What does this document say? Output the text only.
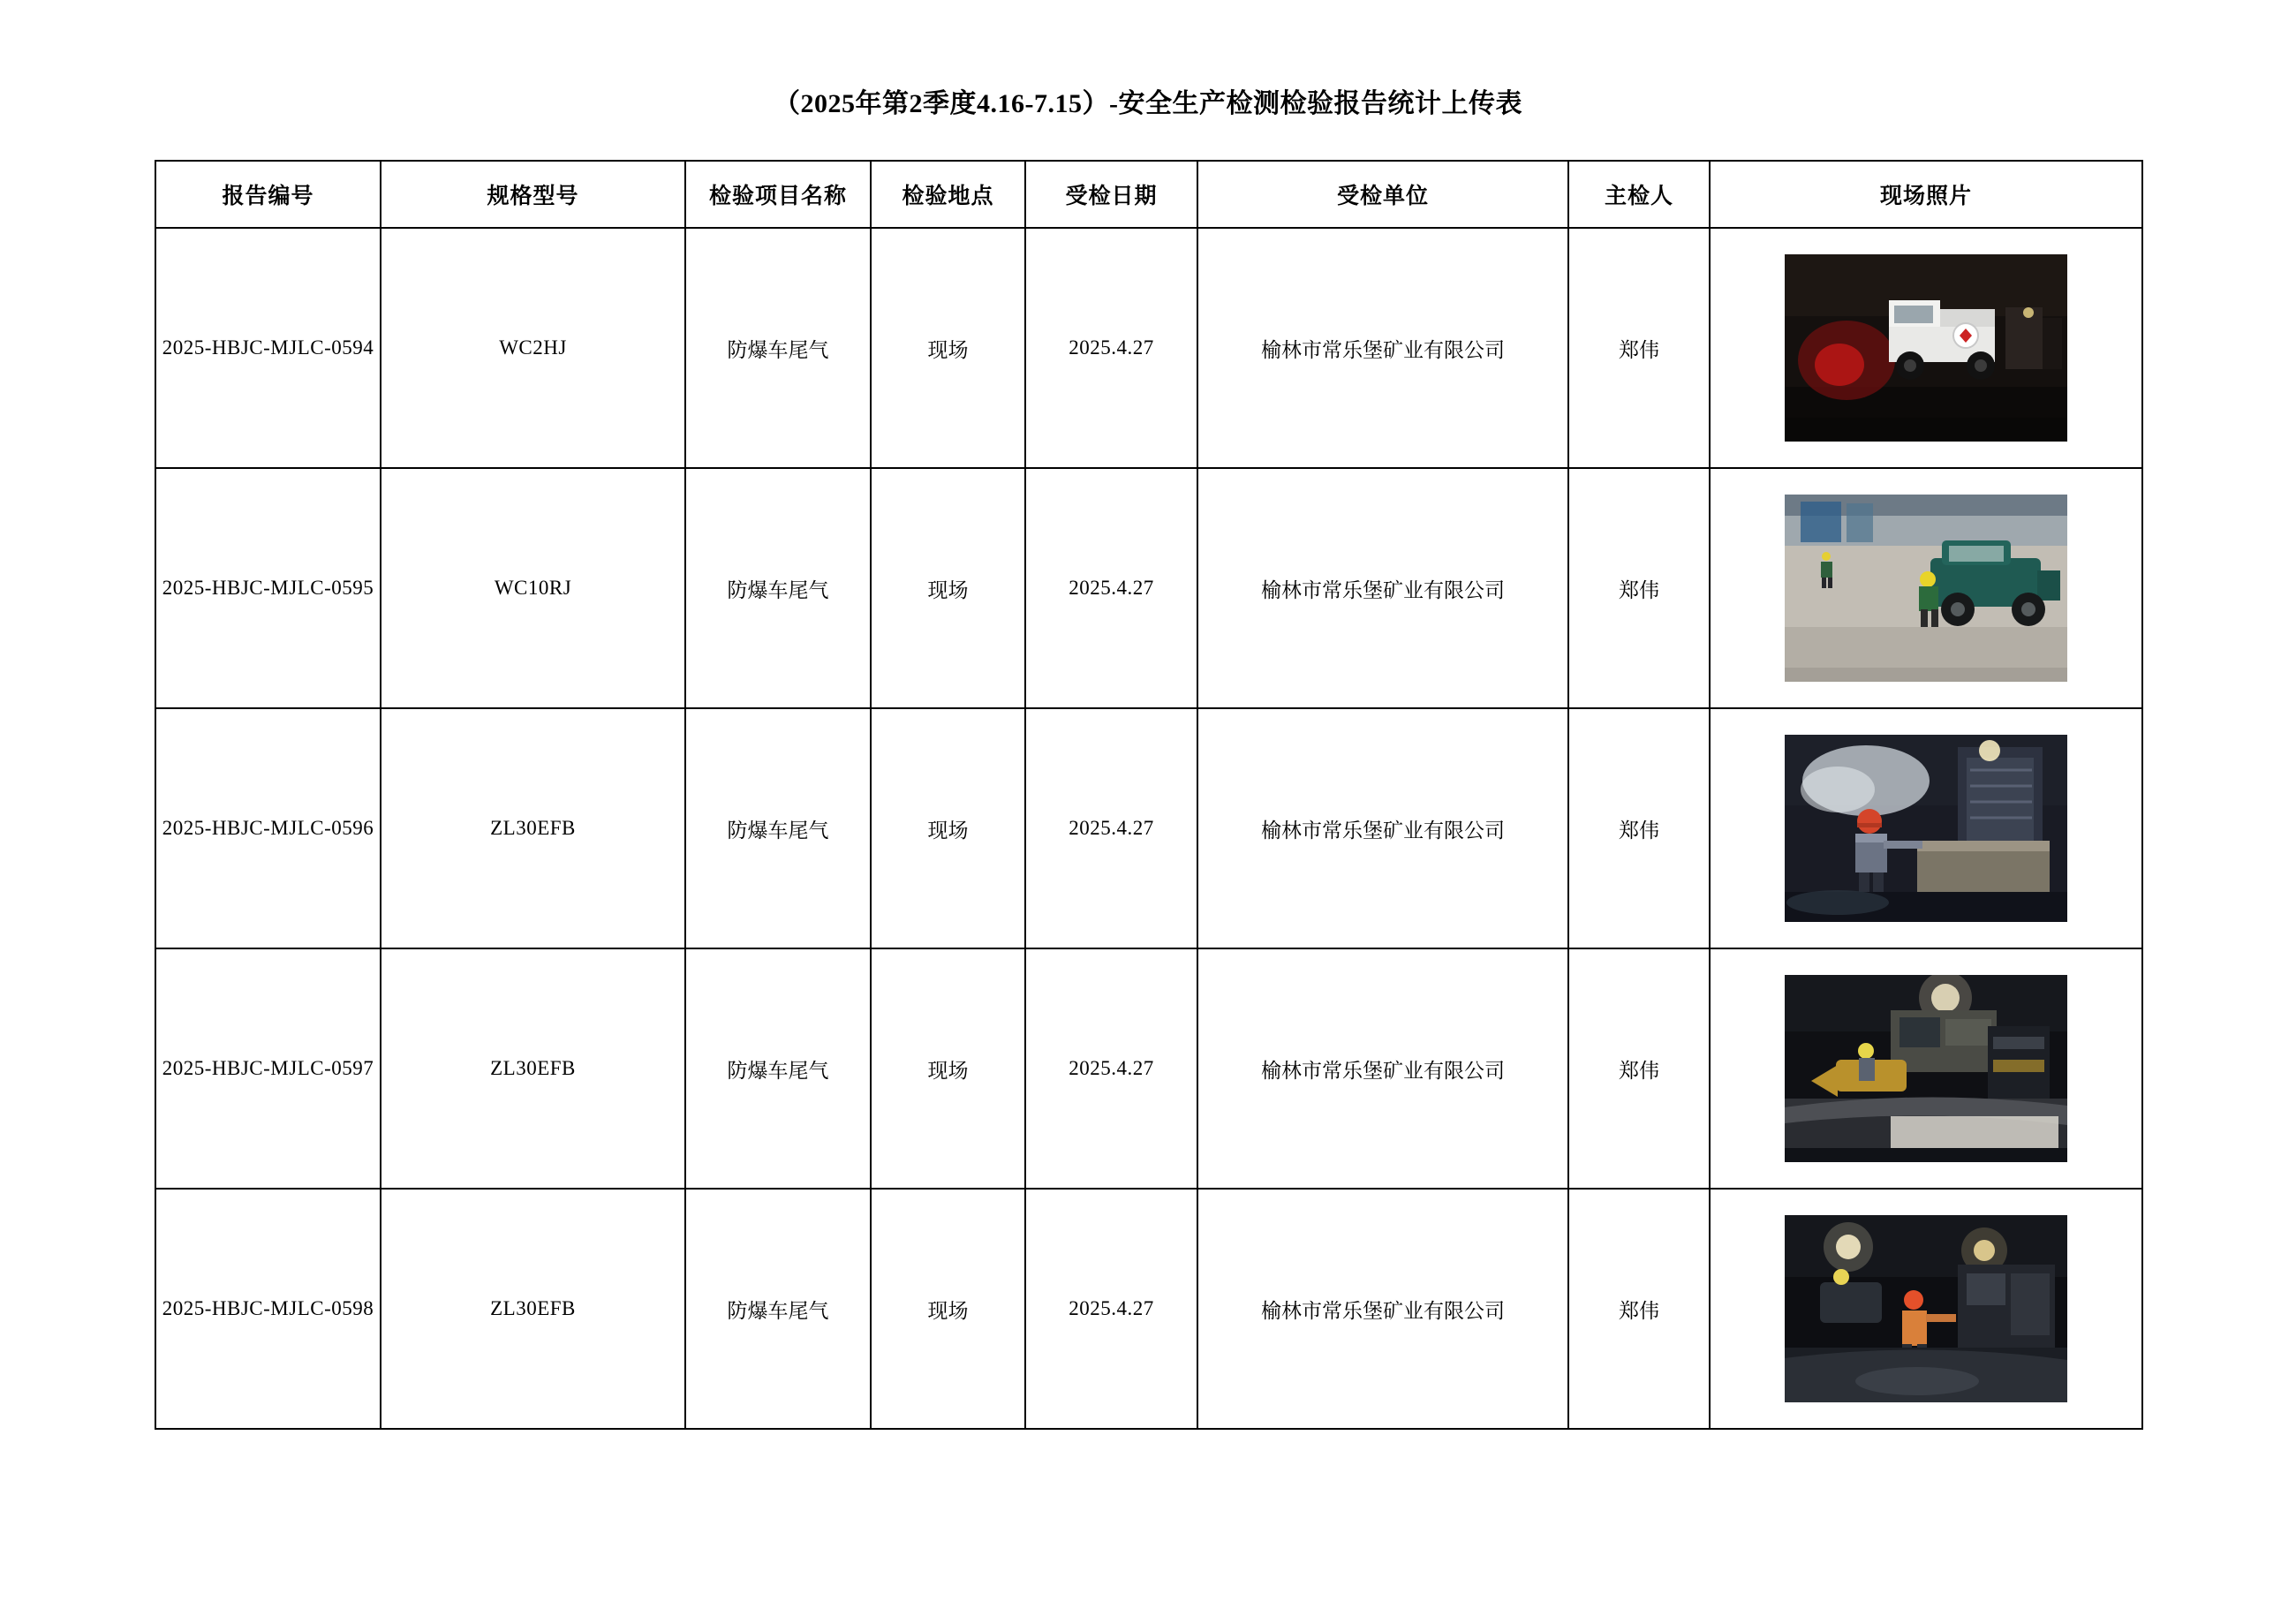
（2025年第2季度4.16-7.15）-安全生产检测检验报告统计上传表
报告编号	规格型号	检验项目名称	检验地点	受检日期	受检单位	主检人	现场照片
2025-HBJC-MJLC-0594	WC2HJ	防爆车尾气	现场	2025.4.27	榆林市常乐堡矿业有限公司	郑伟	

2025-HBJC-MJLC-0595	WC10RJ	防爆车尾气	现场	2025.4.27	榆林市常乐堡矿业有限公司	郑伟	

2025-HBJC-MJLC-0596	ZL30EFB	防爆车尾气	现场	2025.4.27	榆林市常乐堡矿业有限公司	郑伟	

2025-HBJC-MJLC-0597	ZL30EFB	防爆车尾气	现场	2025.4.27	榆林市常乐堡矿业有限公司	郑伟	

2025-HBJC-MJLC-0598	ZL30EFB	防爆车尾气	现场	2025.4.27	榆林市常乐堡矿业有限公司	郑伟	
